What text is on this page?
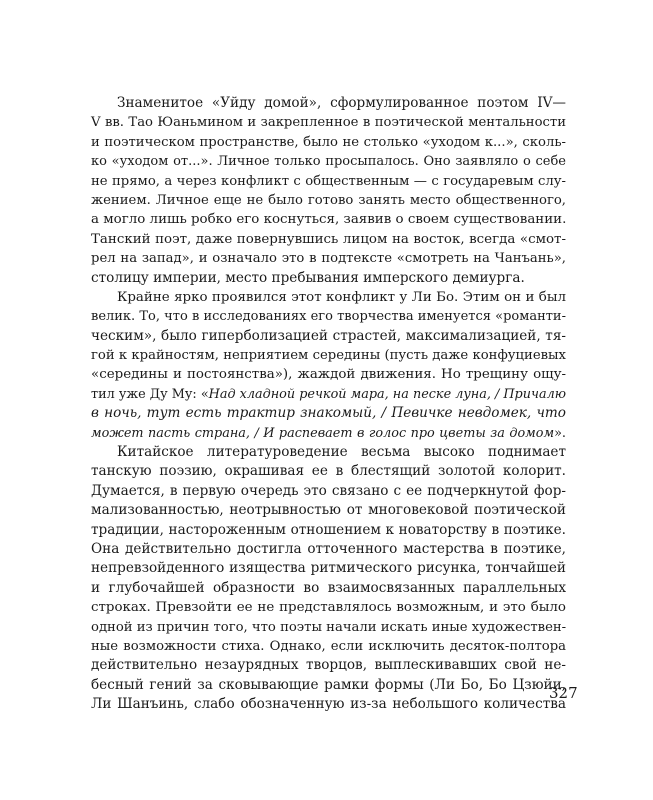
Знаменитое «Уйду домой», сформулированное поэтом IV—
V вв. Тао Юаньмином и закрепленное в поэтической ментальности
и поэтическом пространстве, было не столько «уходом к...», сколь-
ко «уходом от...». Личное только просыпалось. Оно заявляло о себе
не прямо, а через конфликт с общественным — с государевым слу-
жением. Личное еще не было готово занять место общественного,
а могло лишь робко его коснуться, заявив о своем существовании.
Танский поэт, даже повернувшись лицом на восток, всегда «смот-
рел на запад», и означало это в подтексте «смотреть на Чанъань»,
столицу империи, место пребывания имперского демиурга.
Крайне ярко проявился этот конфликт у Ли Бо. Этим он и был
велик. То, что в исследованиях его творчества именуется «романти-
ческим», было гиперболизацией страстей, максимализацией, тя-
гой к крайностям, неприятием середины (пусть даже конфуциевых
«середины и постоянства»), жаждой движения. Но трещину ощу-
тил уже Ду Му: «Над хладной речкой мара, на песке луна, / Причалю
в ночь, тут есть трактир знакомый, / Певичке невдомек, что
может пасть страна, / И распевает в голос про цветы за домом».
Китайское литературоведение весьма высоко поднимает
танскую поэзию, окрашивая ее в блестящий золотой колорит.
Думается, в первую очередь это связано с ее подчеркнутой фор-
мализованностью, неотрывностью от многовековой поэтической
традиции, настороженным отношением к новаторству в поэтике.
Она действительно достигла отточенного мастерства в поэтике,
непревзойденного изящества ритмического рисунка, тончайшей
и глубочайшей образности во взаимосвязанных параллельных
строках. Превзойти ее не представлялось возможным, и это было
одной из причин того, что поэты начали искать иные художествен-
ные возможности стиха. Однако, если исключить десяток-полтора
действительно незаурядных творцов, выплескивавших свой не-
бесный гений за сковывающие рамки формы (Ли Бо, Бо Цзюйи,
Ли Шанъинь, слабо обозначенную из-за небольшого количества
327
